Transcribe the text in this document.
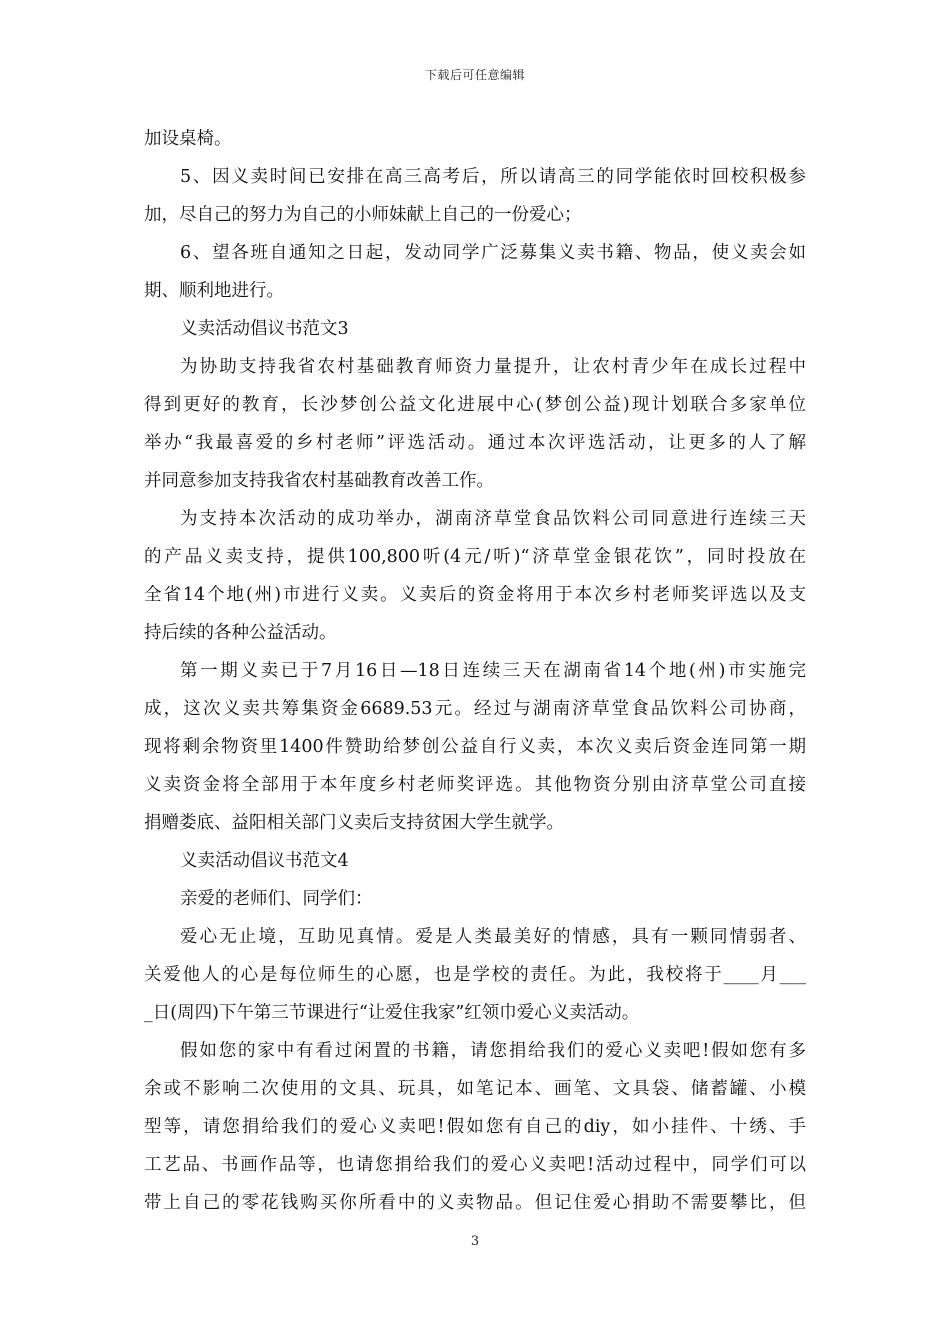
下载后可任意编辑
加设桌椅。
5、因义卖时间已安排在高三高考后，所以请高三的同学能依时回校积极参
加，尽自己的努力为自己的小师妹献上自己的一份爱心；
6、望各班自通知之日起，发动同学广泛募集义卖书籍、物品，使义卖会如
期、顺利地进行。
义卖活动倡议书范文3
为协助支持我省农村基础教育师资力量提升，让农村青少年在成长过程中
得到更好的教育，长沙梦创公益文化进展中心(梦创公益)现计划联合多家单位
举办“我最喜爱的乡村老师”评选活动。通过本次评选活动，让更多的人了解
并同意参加支持我省农村基础教育改善工作。
为支持本次活动的成功举办，湖南济草堂食品饮料公司同意进行连续三天
的产品义卖支持，提供100,800听(4元/听)“济草堂金银花饮”，同时投放在
全省14个地(州)市进行义卖。义卖后的资金将用于本次乡村老师奖评选以及支
持后续的各种公益活动。
第一期义卖已于7月16日—18日连续三天在湖南省14个地(州)市实施完
成，这次义卖共筹集资金6689.53元。经过与湖南济草堂食品饮料公司协商，
现将剩余物资里1400件赞助给梦创公益自行义卖，本次义卖后资金连同第一期
义卖资金将全部用于本年度乡村老师奖评选。其他物资分别由济草堂公司直接
捐赠娄底、益阳相关部门义卖后支持贫困大学生就学。
义卖活动倡议书范文4
亲爱的老师们、同学们：
爱心无止境，互助见真情。爱是人类最美好的情感，具有一颗同情弱者、
关爱他人的心是每位师生的心愿，也是学校的责任。为此，我校将于____月___
_日(周四)下午第三节课进行“让爱住我家”红领巾爱心义卖活动。
假如您的家中有看过闲置的书籍，请您捐给我们的爱心义卖吧!假如您有多
余或不影响二次使用的文具、玩具，如笔记本、画笔、文具袋、储蓄罐、小模
型等，请您捐给我们的爱心义卖吧!假如您有自己的diy，如小挂件、十绣、手
工艺品、书画作品等，也请您捐给我们的爱心义卖吧!活动过程中，同学们可以
带上自己的零花钱购买你所看中的义卖物品。但记住爱心捐助不需要攀比，但
3
